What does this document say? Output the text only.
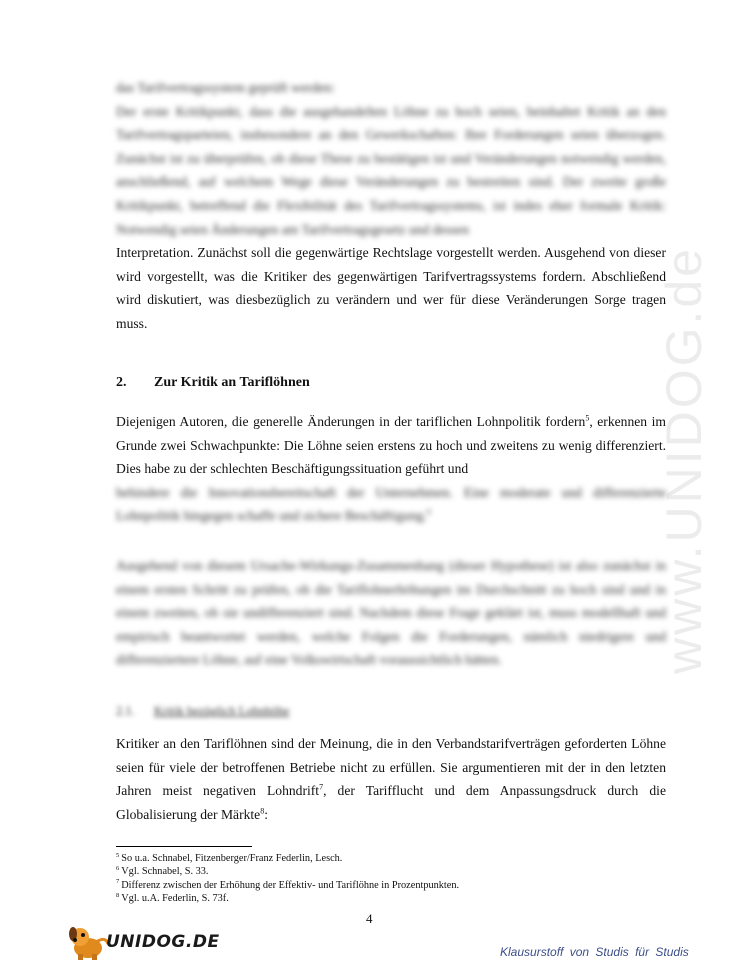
www.UNIDOG.de

das Tarifvertragssystem geprüft werden:

Der erste Kritikpunkt, dass die ausgehandelten Löhne zu hoch seien, beinhaltet Kritik an den Tarifvertragsparteien, insbesondere an den Gewerkschaften: Ihre Forderungen seien überzogen. Zunächst ist zu überprüfen, ob diese These zu bestätigen ist und Veränderungen notwendig werden, anschließend, auf welchem Wege diese Veränderungen zu bestreiten sind. Der zweite große Kritikpunkt, betreffend die Flexibilität des Tarifvertragssystems, ist indes eher formale Kritik: Notwendig seien Änderungen am Tarifvertragsgesetz und dessen

Interpretation. Zunächst soll die gegenwärtige Rechtslage vorgestellt werden. Ausgehend von dieser wird vorgestellt, was die Kritiker des gegenwärtigen Tarifvertragssystems fordern. Abschließend wird diskutiert, was diesbezüglich zu verändern und wer für diese Veränderungen Sorge tragen muss.

2. Zur Kritik an Tariflöhnen

Diejenigen Autoren, die generelle Änderungen in der tariflichen Lohnpolitik fordern$^5$, erkennen im Grunde zwei Schwachpunkte: Die Löhne seien erstens zu hoch und zweitens zu wenig differenziert. Dies habe zu der schlechten Beschäftigungssituation geführt und

behindere die Innovationsbereitschaft der Unternehmen. Eine moderate und differenzierte Lohnpolitik hingegen schaffe und sichere Beschäftigung.$^6$

Ausgehend von diesem Ursache-Wirkungs-Zusammenhang (dieser Hypothese) ist also zunächst in einem ersten Schritt zu prüfen, ob die Tariflohnerhöhungen im Durchschnitt zu hoch sind und in einem zweiten, ob sie undifferenziert sind. Nachdem diese Frage geklärt ist, muss modellhaft und empirisch beantwortet werden, welche Folgen die Forderungen, nämlich niedrigere und differenziertere Löhne, auf eine Volkswirtschaft voraussichtlich hätten.

2.1. Kritik bezüglich Lohnhöhe

Kritiker an den Tariflöhnen sind der Meinung, die in den Verbandstarifverträgen geforderten Löhne seien für viele der betroffenen Betriebe nicht zu erfüllen. Sie argumentieren mit der in den letzten Jahren meist negativen Lohndrift$^7$, der Tarifflucht und dem Anpassungsdruck durch die Globalisierung der Märkte$^8$:

$^5$ So u.a. Schnabel, Fitzenberger/Franz Federlin, Lesch.
$^6$ Vgl. Schnabel, S. 33.
$^7$ Differenz zwischen der Erhöhung der Effektiv- und Tariflöhne in Prozentpunkten.
$^8$ Vgl. u.A. Federlin, S. 73f.
4
UNIDOG.DE	Klausurstoff von Studis für Studis
